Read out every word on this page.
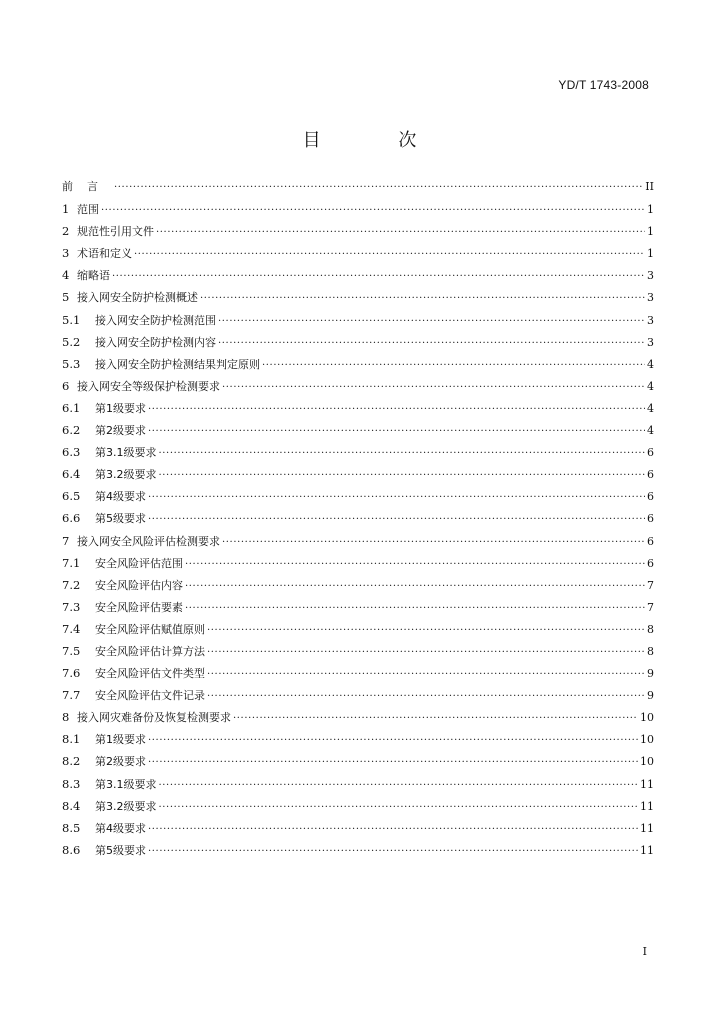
YD/T 1743-2008
目 次
前言 ·····	II
1 范围 ·····	1
2 规范性引用文件 ·····	1
3 术语和定义 ·····	1
4 缩略语 ·····	3
5 接入网安全防护检测概述 ·····	3
5.1	接入网安全防护检测范围 ·····	3
5.2	接入网安全防护检测内容 ·····	3
5.3	接入网安全防护检测结果判定原则 ·····	4
6 接入网安全等级保护检测要求 ·····	4
6.1	第1级要求 ·····	4
6.2	第2级要求 ·····	4
6.3	第3.1级要求 ·····	6
6.4	第3.2级要求 ·····	6
6.5	第4级要求 ·····	6
6.6	第5级要求 ·····	6
7 接入网安全风险评估检测要求 ·····	6
7.1	安全风险评估范围 ·····	6
7.2	安全风险评估内容 ·····	7
7.3	安全风险评估要素 ·····	7
7.4	安全风险评估赋值原则 ·····	8
7.5	安全风险评估计算方法 ·····	8
7.6	安全风险评估文件类型 ·····	9
7.7	安全风险评估文件记录 ·····	9
8 接入网灾难备份及恢复检测要求 ·····	10
8.1	第1级要求 ·····	10
8.2	第2级要求 ·····	10
8.3	第3.1级要求 ·····	11
8.4	第3.2级要求 ·····	11
8.5	第4级要求 ·····	11
8.6	第5级要求 ·····	11
I
